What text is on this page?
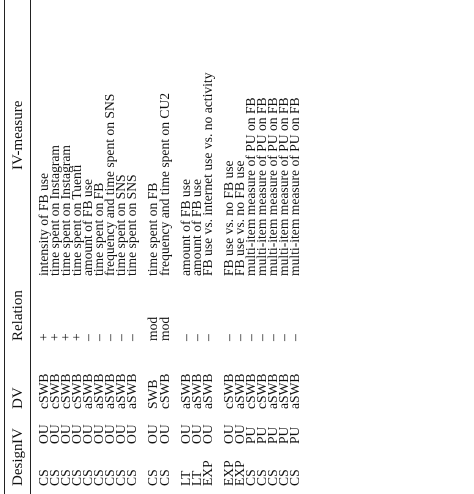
Design
IV
DV
Relation
IV-measure
CS
OU
cSWB
+
intensity of FB use
CS
OU
cSWB
+
time spent on Instagram
CS
OU
cSWB
+
time spent on Instagram
CS
OU
cSWB
+
time spent on Tuenti
CS
OU
aSWB
–
amount of FB use
CS
OU
aSWB
–
time spent on FB
CS
OU
aSWB
–
frequency and time spent on SNS
CS
OU
aSWB
–
time spent on SNS
CS
OU
aSWB
–
time spent on SNS
CS
OU
SWB
mod
time spent on FB
CS
OU
cSWB
mod
frequency and time spent on CU2
LT
OU
aSWB
–
amount of FB use
LT
OU
aSWB
–
amount of FB use
EXP
OU
aSWB
–
FB use vs. internet use vs. no activity
EXP
OU
cSWB
–
FB use vs. no FB use
EXP
OU
aSWB
–
FB use vs. no FB use
CS
PU
cSWB
–
multi-item measure of PU on FB
CS
PU
cSWB
–
multi-item measure of PU on FB
CS
PU
aSWB
–
multi-item measure of PU on FB
CS
PU
aSWB
–
multi-item measure of PU on FB
CS
PU
aSWB
–
multi-item measure of PU on FB
